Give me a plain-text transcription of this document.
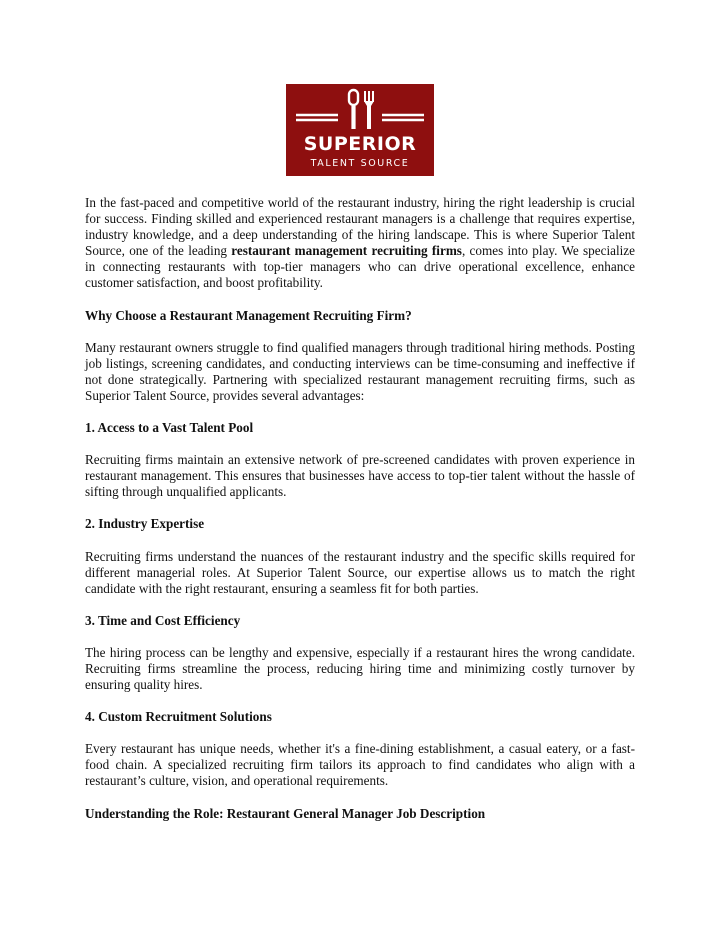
SUPERIOR
TALENT SOURCE

In the fast-paced and competitive world of the restaurant industry, hiring the right leadership is crucial for success. Finding skilled and experienced restaurant managers is a challenge that requires expertise, industry knowledge, and a deep understanding of the hiring landscape. This is where Superior Talent Source, one of the leading restaurant management recruiting firms, comes into play. We specialize in connecting restaurants with top-tier managers who can drive operational excellence, enhance customer satisfaction, and boost profitability.

Why Choose a Restaurant Management Recruiting Firm?

Many restaurant owners struggle to find qualified managers through traditional hiring methods. Posting job listings, screening candidates, and conducting interviews can be time-consuming and ineffective if not done strategically. Partnering with specialized restaurant management recruiting firms, such as Superior Talent Source, provides several advantages:

1. Access to a Vast Talent Pool

Recruiting firms maintain an extensive network of pre-screened candidates with proven experience in restaurant management. This ensures that businesses have access to top-tier talent without the hassle of sifting through unqualified applicants.

2. Industry Expertise

Recruiting firms understand the nuances of the restaurant industry and the specific skills required for different managerial roles. At Superior Talent Source, our expertise allows us to match the right candidate with the right restaurant, ensuring a seamless fit for both parties.

3. Time and Cost Efficiency

The hiring process can be lengthy and expensive, especially if a restaurant hires the wrong candidate. Recruiting firms streamline the process, reducing hiring time and minimizing costly turnover by ensuring quality hires.

4. Custom Recruitment Solutions

Every restaurant has unique needs, whether it's a fine-dining establishment, a casual eatery, or a fast-food chain. A specialized recruiting firm tailors its approach to find candidates who align with a restaurant’s culture, vision, and operational requirements.

Understanding the Role: Restaurant General Manager Job Description
